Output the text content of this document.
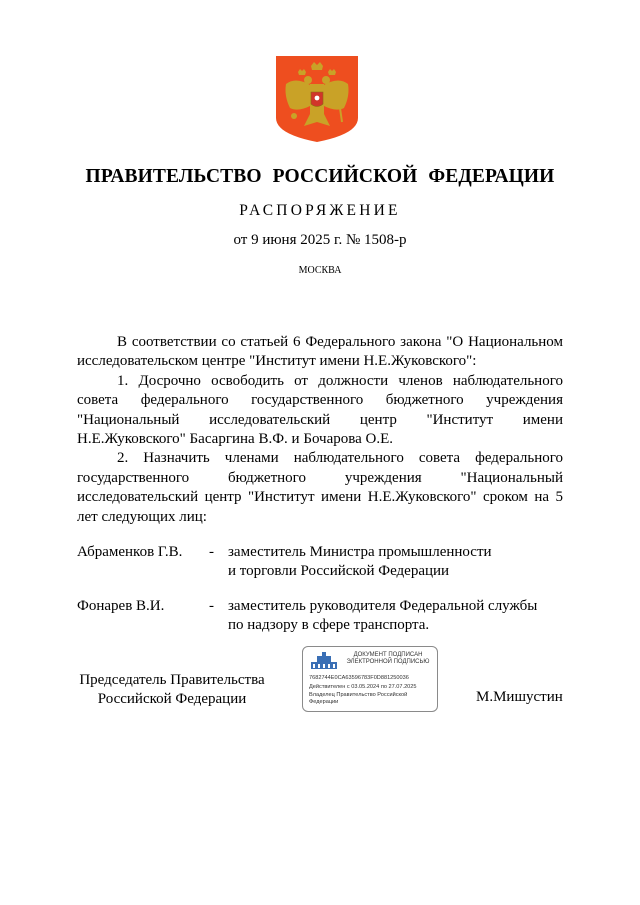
ПРАВИТЕЛЬСТВО РОССИЙСКОЙ ФЕДЕРАЦИИ
РАСПОРЯЖЕНИЕ
от 9 июня 2025 г. № 1508-р
МОСКВА

В соответствии со статьей 6 Федерального закона "О Национальном исследовательском центре "Институт имени Н.Е.Жуковского":

1. Досрочно освободить от должности членов наблюдательного совета федерального государственного бюджетного учреждения "Национальный исследовательский центр "Институт имени Н.Е.Жуковского" Басаргина В.Ф. и Бочарова О.Е.

2. Назначить членами наблюдательного совета федерального государственного бюджетного учреждения "Национальный исследовательский центр "Институт имени Н.Е.Жуковского" сроком на 5 лет следующих лиц:

Абраменков Г.В. - заместитель Министра промышленности
и торговли Российской Федерации
Фонарев В.И.	- заместитель руководителя Федеральной службы
по надзору в сфере транспорта.
Председатель Правительства
Российской Федерации
ДОКУМЕНТ ПОДПИСАН
ЭЛЕКТРОННОЙ ПОДПИСЬЮ
7682744E0CA63596783F0D881250036
Действителен с 03.05.2024 по 27.07.2025
Владелец Правительство Российской
Федерации	М.Мишустин
